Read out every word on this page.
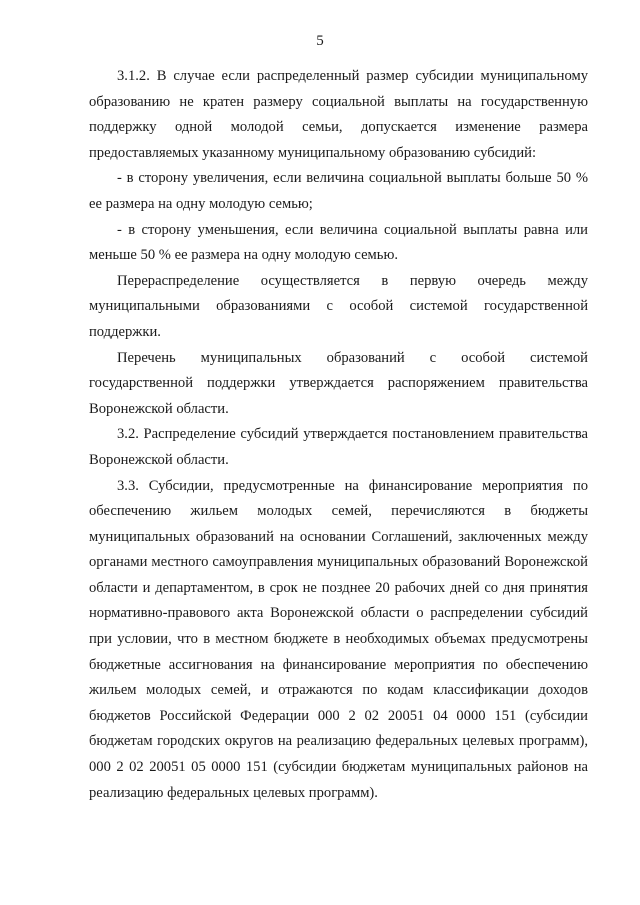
5

3.1.2. В случае если распределенный размер субсидии муниципальному образованию не кратен размеру социальной выплаты на государственную поддержку одной молодой семьи, допускается изменение размера предоставляемых указанному муниципальному образованию субсидий:

- в сторону увеличения, если величина социальной выплаты больше 50 % ее размера на одну молодую семью;

- в сторону уменьшения, если величина социальной выплаты равна или меньше 50 % ее размера на одну молодую семью.

Перераспределение осуществляется в первую очередь между муниципальными образованиями с особой системой государственной поддержки.

Перечень муниципальных образований с особой системой государственной поддержки утверждается распоряжением правительства Воронежской области.

3.2. Распределение субсидий утверждается постановлением правительства Воронежской области.

3.3. Субсидии, предусмотренные на финансирование мероприятия по обеспечению жильем молодых семей, перечисляются в бюджеты муниципальных образований на основании Соглашений, заключенных между органами местного самоуправления муниципальных образований Воронежской области и департаментом, в срок не позднее 20 рабочих дней со дня принятия нормативно-правового акта Воронежской области о распределении субсидий при условии, что в местном бюджете в необходимых объемах предусмотрены бюджетные ассигнования на финансирование мероприятия по обеспечению жильем молодых семей, и отражаются по кодам классификации доходов бюджетов Российской Федерации 000 2 02 20051 04 0000 151 (субсидии бюджетам городских округов на реализацию федеральных целевых программ), 000 2 02 20051 05 0000 151 (субсидии бюджетам муниципальных районов на реализацию федеральных целевых программ).
